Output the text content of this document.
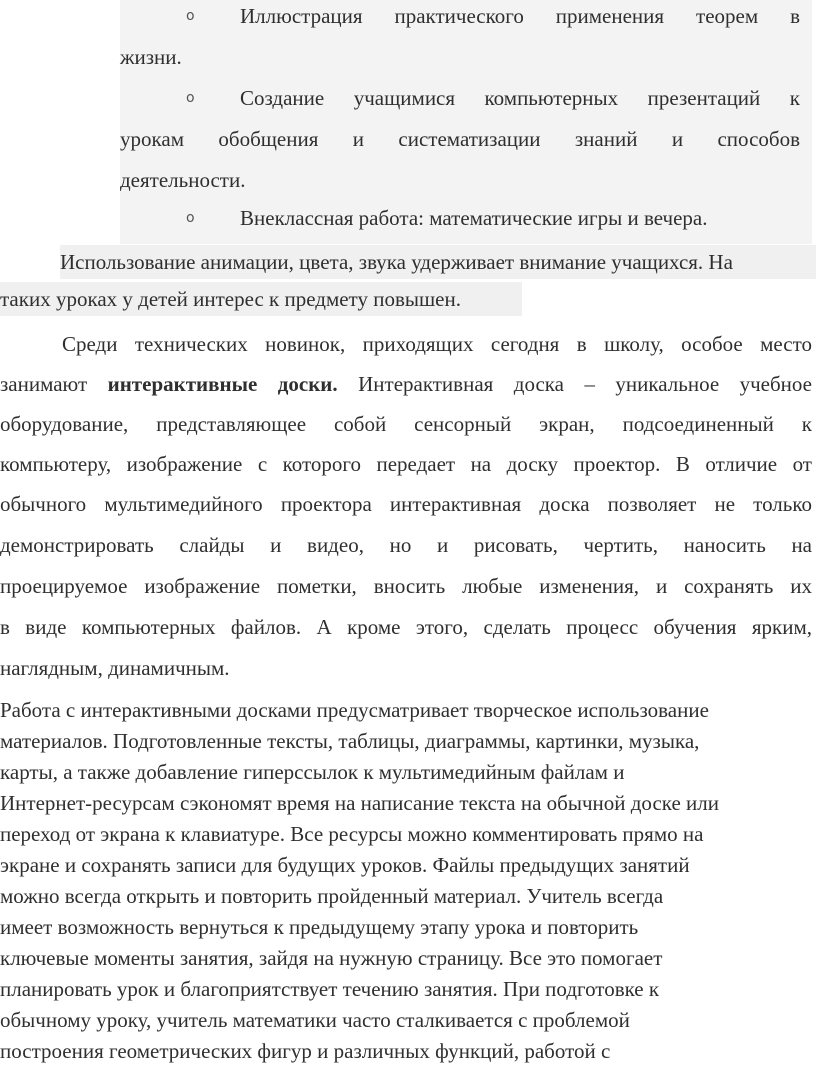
o Иллюстрация практического применения теорем в
жизни.
o Создание учащимися компьютерных презентаций к
урокам обобщения и систематизации знаний и способов
деятельности.
o Внеклассная работа: математические игры и вечера.
Использование анимации, цвета, звука удерживает внимание учащихся. На
таких уроках у детей интерес к предмету повышен.
Среди технических новинок, приходящих сегодня в школу, особое место
занимают интерактивные доски. Интерактивная доска – уникальное учебное
оборудование, представляющее собой сенсорный экран, подсоединенный к
компьютеру, изображение с которого передает на доску проектор. В отличие от
обычного мультимедийного проектора интерактивная доска позволяет не только
демонстрировать слайды и видео, но и рисовать, чертить, наносить на
проецируемое изображение пометки, вносить любые изменения, и сохранять их
в виде компьютерных файлов. А кроме этого, сделать процесс обучения ярким,
наглядным, динамичным.
Работа с интерактивными досками предусматривает творческое использование
материалов. Подготовленные тексты, таблицы, диаграммы, картинки, музыка,
карты, а также добавление гиперссылок к мультимедийным файлам и
Интернет-ресурсам сэкономят время на написание текста на обычной доске или
переход от экрана к клавиатуре. Все ресурсы можно комментировать прямо на
экране и сохранять записи для будущих уроков. Файлы предыдущих занятий
можно всегда открыть и повторить пройденный материал. Учитель всегда
имеет возможность вернуться к предыдущему этапу урока и повторить
ключевые моменты занятия, зайдя на нужную страницу. Все это помогает
планировать урок и благоприятствует течению занятия. При подготовке к
обычному уроку, учитель математики часто сталкивается с проблемой
построения геометрических фигур и различных функций, работой с
